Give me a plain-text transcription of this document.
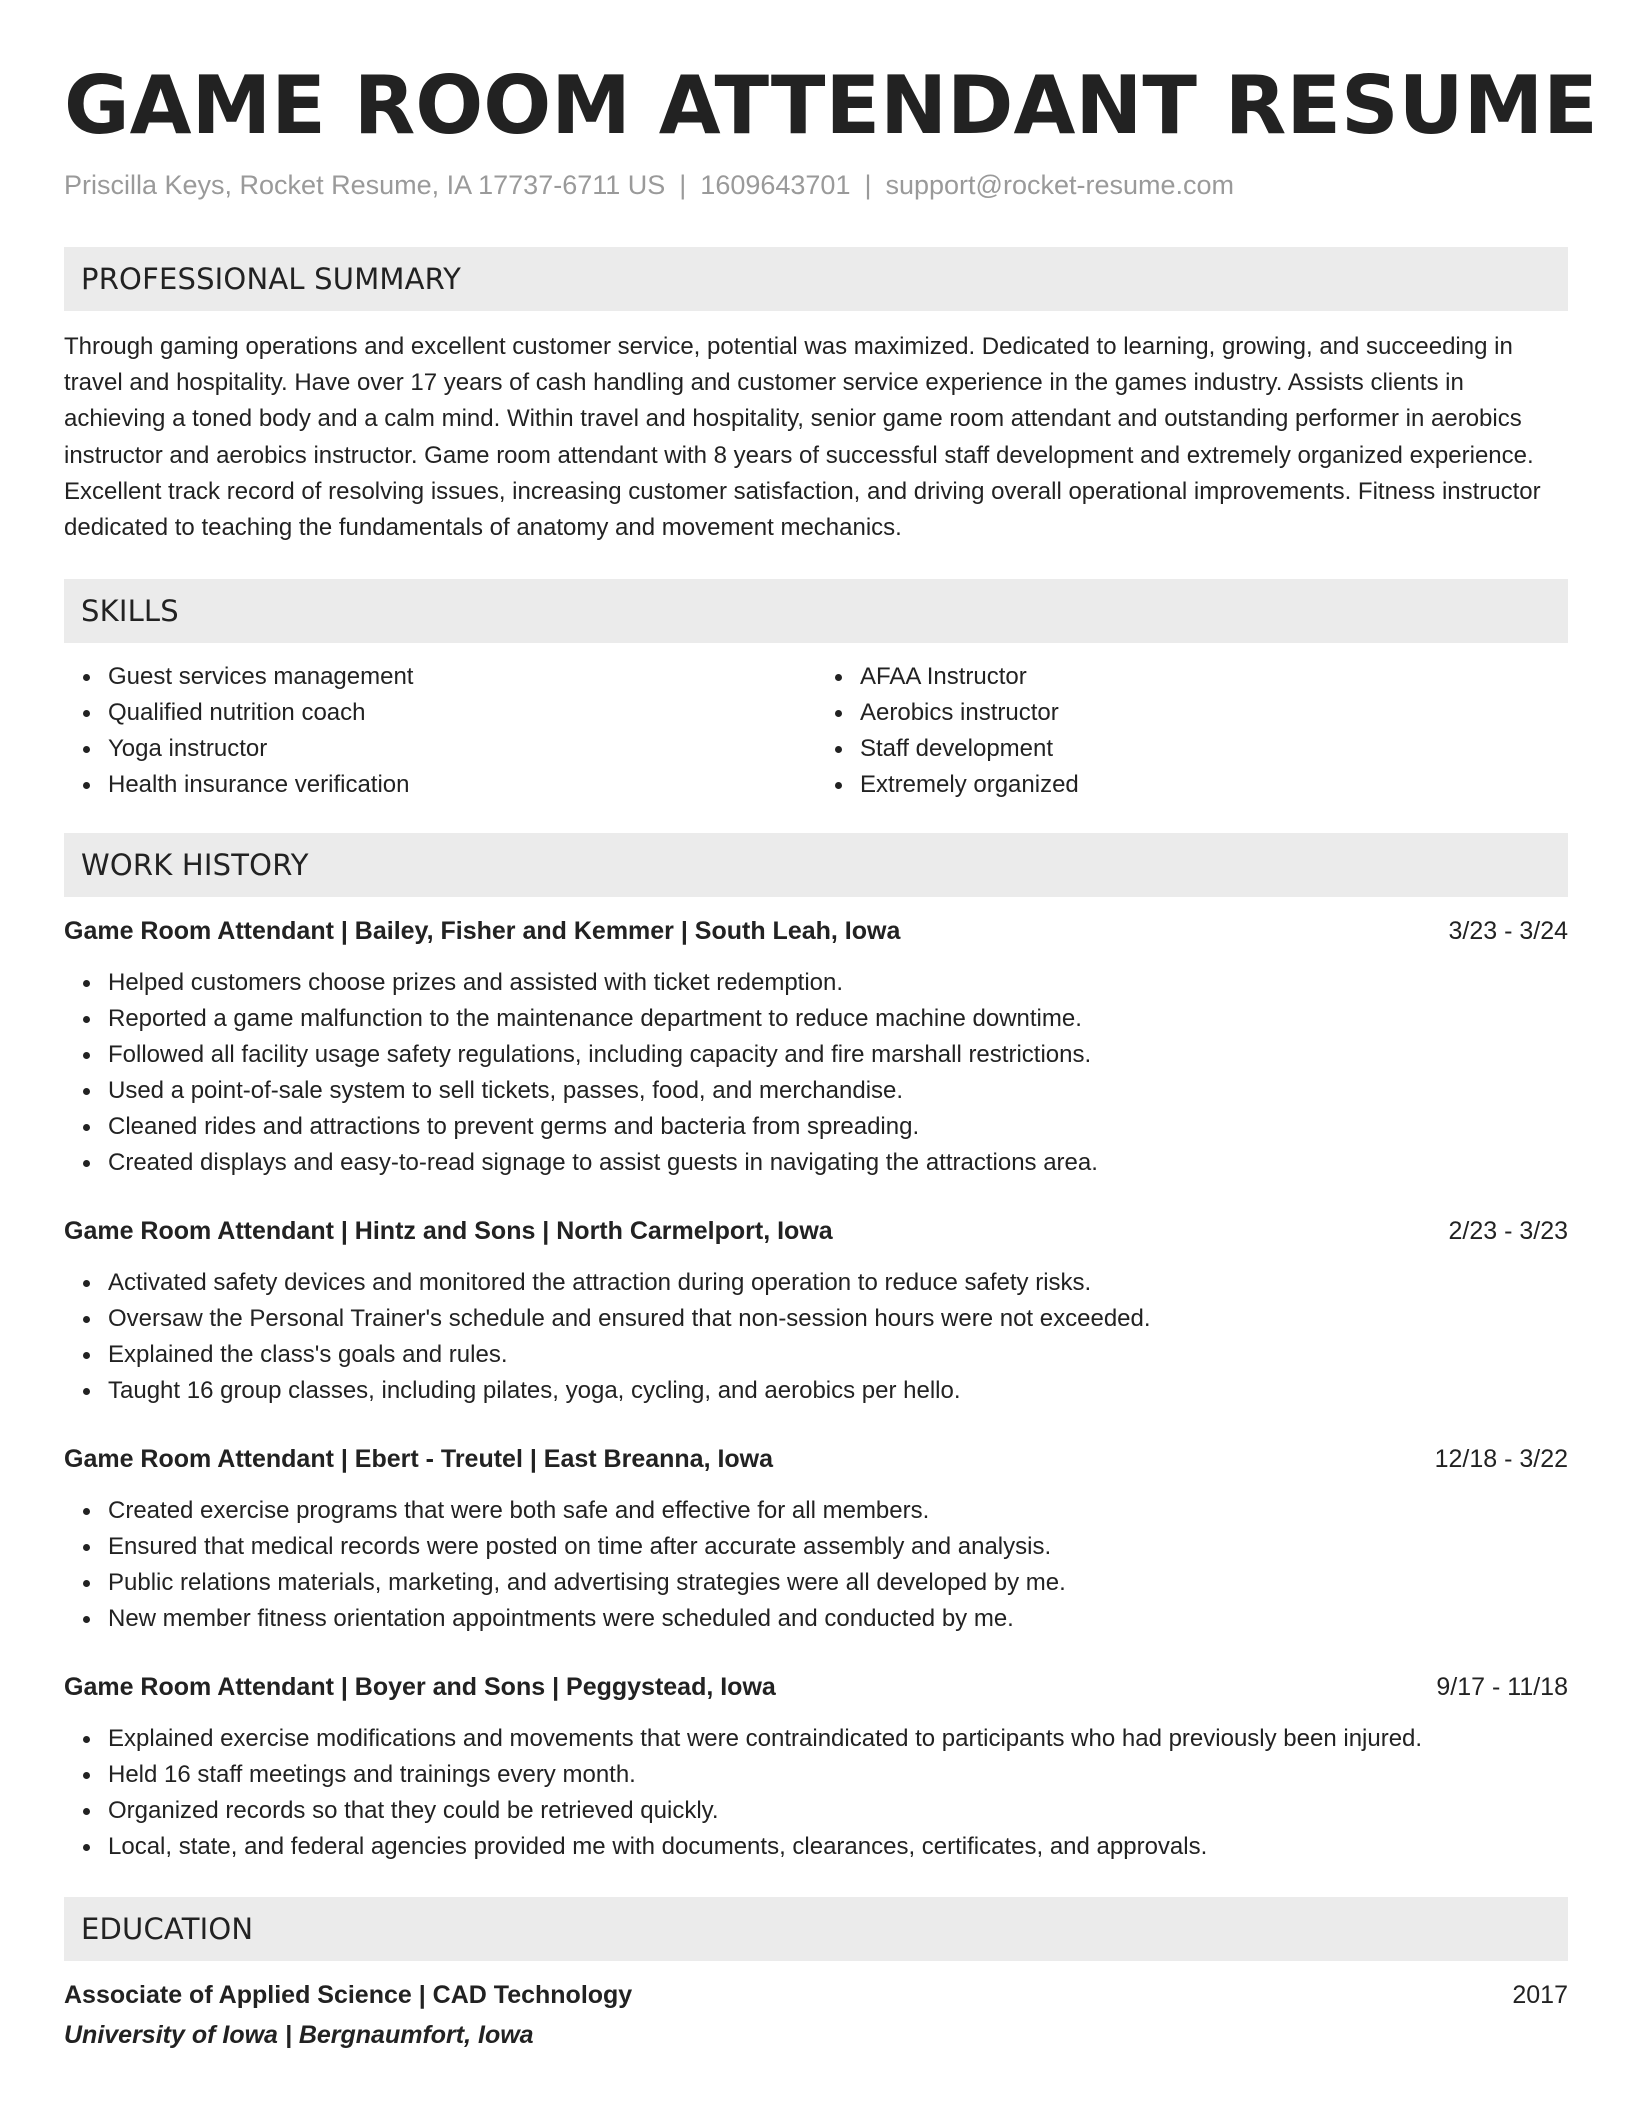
GAME ROOM ATTENDANT RESUME
Priscilla Keys, Rocket Resume, IA 17737-6711 US | 1609643701 | support@rocket-resume.com
PROFESSIONAL SUMMARY

Through gaming operations and excellent customer service, potential was maximized. Dedicated to learning, growing, and succeeding in travel and hospitality. Have over 17 years of cash handling and customer service experience in the games industry. Assists clients in achieving a toned body and a calm mind. Within travel and hospitality, senior game room attendant and outstanding performer in aerobics instructor and aerobics instructor. Game room attendant with 8 years of successful staff development and extremely organized experience. Excellent track record of resolving issues, increasing customer satisfaction, and driving overall operational improvements. Fitness instructor dedicated to teaching the fundamentals of anatomy and movement mechanics.

SKILLS
Guest services management
Qualified nutrition coach
Yoga instructor
Health insurance verification
AFAA Instructor
Aerobics instructor
Staff development
Extremely organized
WORK HISTORY
Game Room Attendant | Bailey, Fisher and Kemmer | South Leah, Iowa	3/23 - 3/24
Helped customers choose prizes and assisted with ticket redemption.
Reported a game malfunction to the maintenance department to reduce machine downtime.
Followed all facility usage safety regulations, including capacity and fire marshall restrictions.
Used a point-of-sale system to sell tickets, passes, food, and merchandise.
Cleaned rides and attractions to prevent germs and bacteria from spreading.
Created displays and easy-to-read signage to assist guests in navigating the attractions area.
Game Room Attendant | Hintz and Sons | North Carmelport, Iowa	2/23 - 3/23
Activated safety devices and monitored the attraction during operation to reduce safety risks.
Oversaw the Personal Trainer's schedule and ensured that non-session hours were not exceeded.
Explained the class's goals and rules.
Taught 16 group classes, including pilates, yoga, cycling, and aerobics per hello.
Game Room Attendant | Ebert - Treutel | East Breanna, Iowa	12/18 - 3/22
Created exercise programs that were both safe and effective for all members.
Ensured that medical records were posted on time after accurate assembly and analysis.
Public relations materials, marketing, and advertising strategies were all developed by me.
New member fitness orientation appointments were scheduled and conducted by me.
Game Room Attendant | Boyer and Sons | Peggystead, Iowa	9/17 - 11/18
Explained exercise modifications and movements that were contraindicated to participants who had previously been injured.
Held 16 staff meetings and trainings every month.
Organized records so that they could be retrieved quickly.
Local, state, and federal agencies provided me with documents, clearances, certificates, and approvals.
EDUCATION
Associate of Applied Science | CAD Technology	2017
University of Iowa | Bergnaumfort, Iowa
